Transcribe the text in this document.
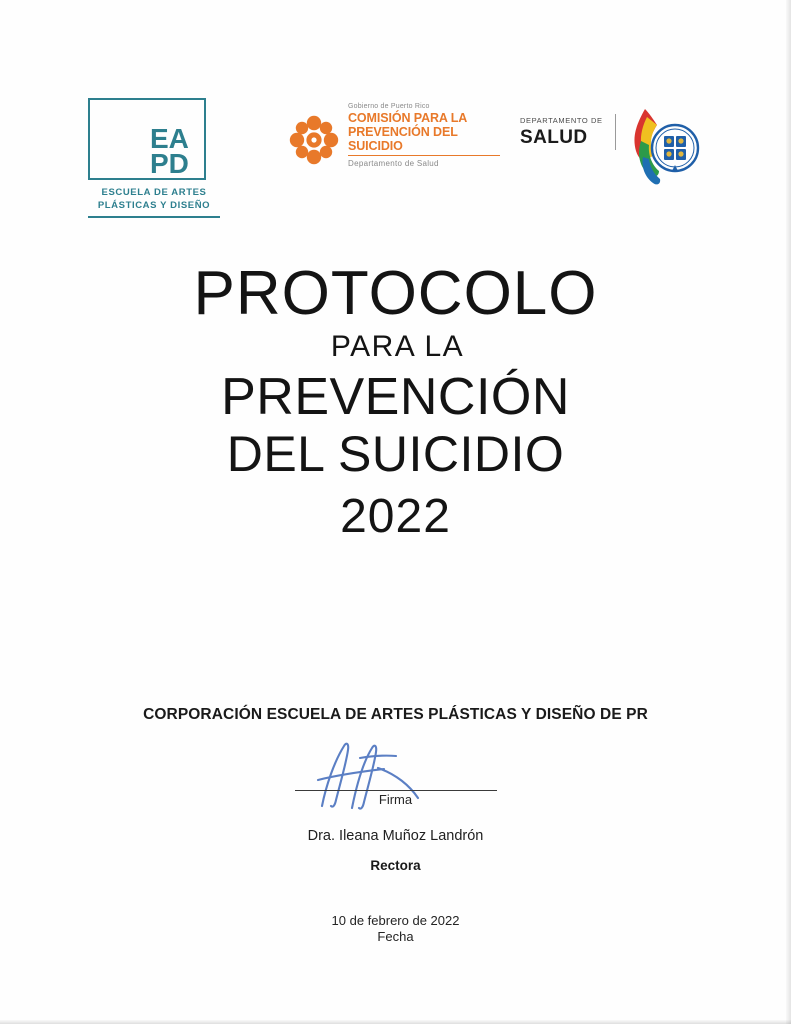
EA
PD
ESCUELA DE ARTES
PLÁSTICAS Y DISEÑO
Gobierno de Puerto Rico
COMISIÓN PARA LA
PREVENCIÓN DEL SUICIDIO
Departamento de Salud
DEPARTAMENTO DE
SALUD
PROTOCOLO
PARA LA
PREVENCIÓN
DEL SUICIDIO
2022
CORPORACIÓN ESCUELA DE ARTES PLÁSTICAS Y DISEÑO DE PR
Firma
Dra. Ileana Muñoz Landrón
Rectora
10 de febrero de 2022
Fecha
